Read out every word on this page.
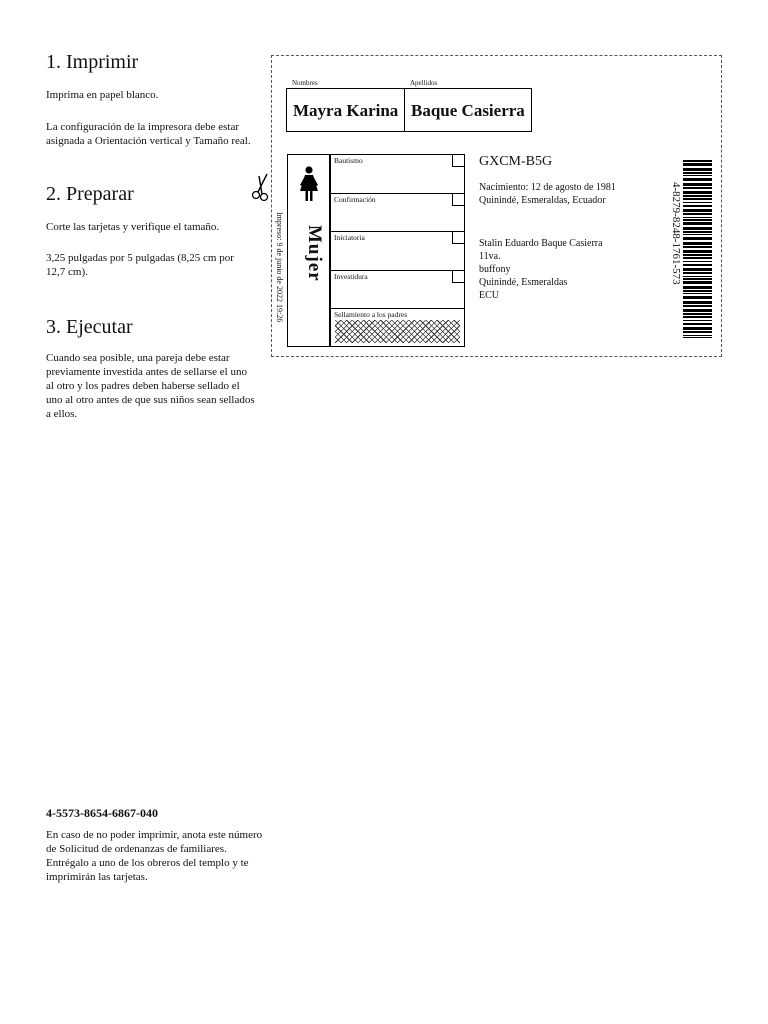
1. Imprimir

Imprima en papel blanco.

La configuración de la impresora debe estar asignada a Orientación vertical y Tamaño real.

2. Preparar

Corte las tarjetas y verifique el tamaño.

3,25 pulgadas por 5 pulgadas (8,25 cm por 12,7 cm).

3. Ejecutar

Cuando sea posible, una pareja debe estar previamente investida antes de sellarse el uno al otro y los padres deben haberse sellado el uno al otro antes de que sus niños sean sellados a ellos.

Nombres	Apellidos
Mayra Karina Baque Casierra
Impreso: 9 de junio de 2022 19:26 Mujer
Bautismo
Confirmación
Iniciatoria
Investidura
Sellamiento a los padres
GXCM-B5G
Nacimiento: 12 de agosto de 1981
Quinindé, Esmeraldas, Ecuador
Stalin Eduardo Baque Casierra
11va.
buffony
Quinindé, Esmeraldas
ECU
4-8279-8248-1761-573
4-5573-8654-6867-040

En caso de no poder imprimir, anota este número de Solicitud de ordenanzas de familiares. Entrégalo a uno de los obreros del templo y te imprimirán las tarjetas.
